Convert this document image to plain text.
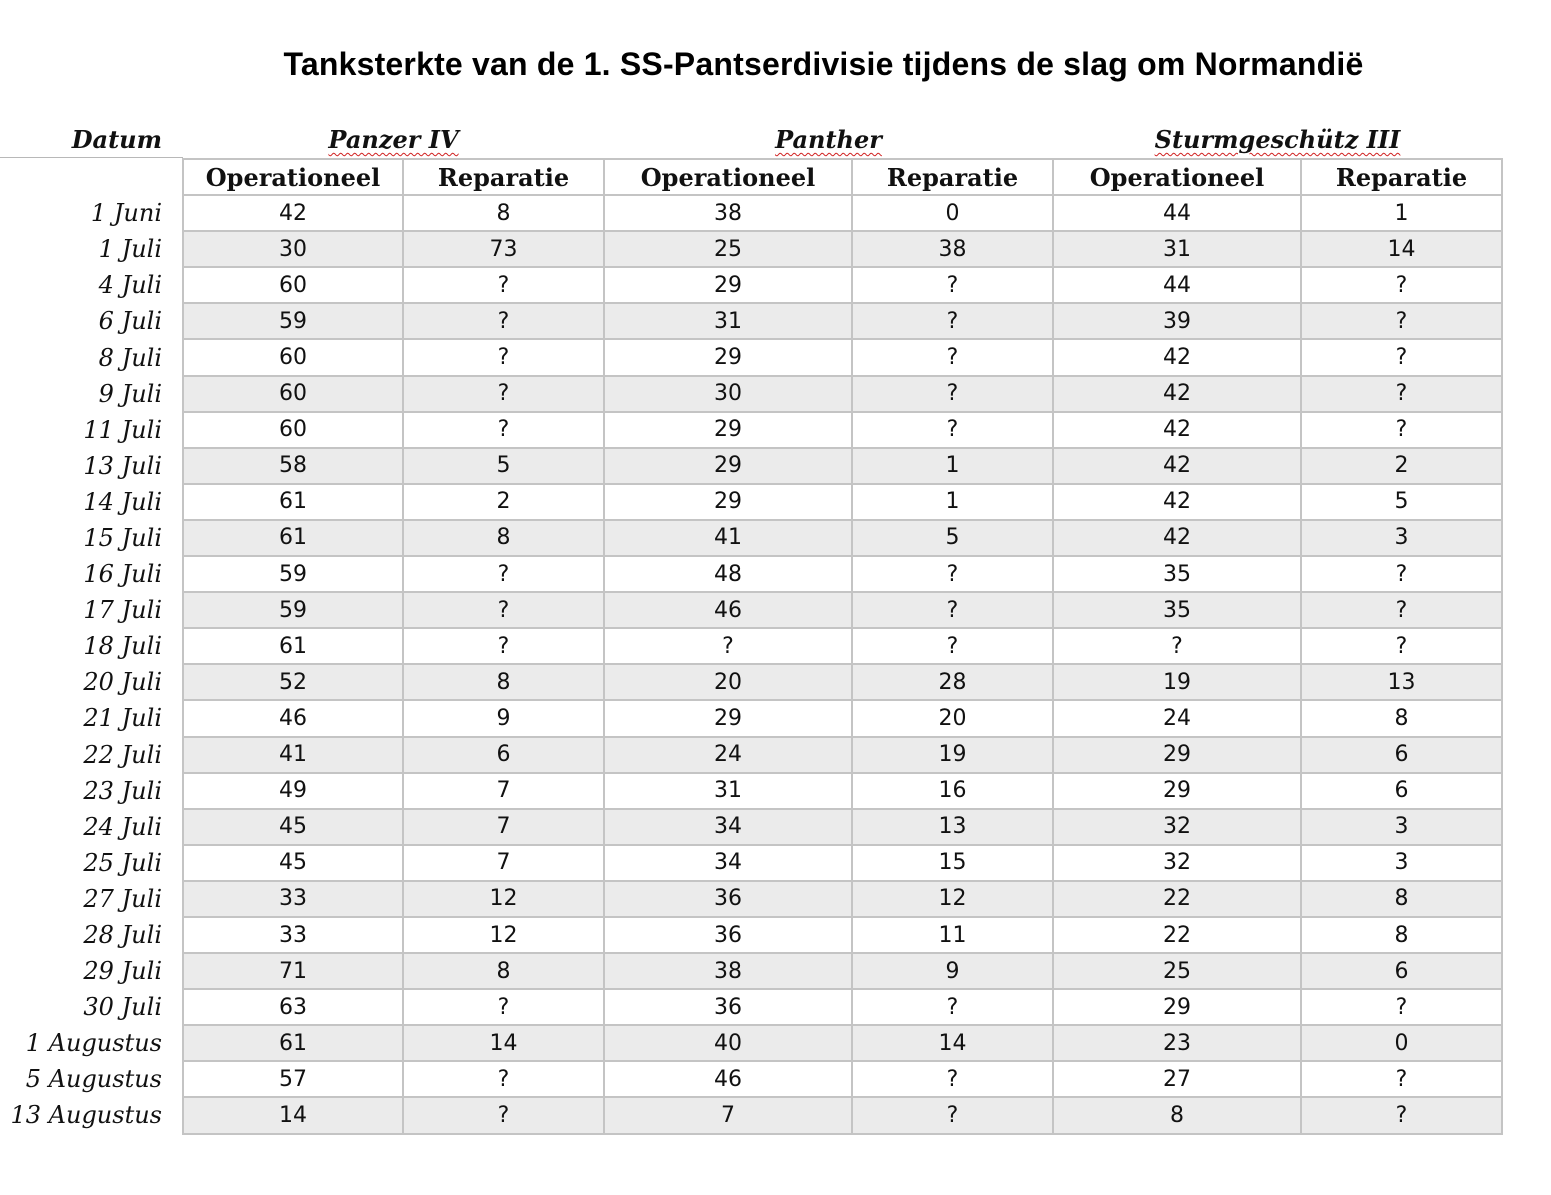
Tanksterkte van de 1. SS-Pantserdivisie tijdens de slag om Normandië
Datum	Panzer IV	Panther	Sturmgeschütz III
	Operationeel	Reparatie	Operationeel	Reparatie	Operationeel	Reparatie
1 Juni	42	8	38	0	44	1
1 Juli	30	73	25	38	31	14
4 Juli	60	?	29	?	44	?
6 Juli	59	?	31	?	39	?
8 Juli	60	?	29	?	42	?
9 Juli	60	?	30	?	42	?
11 Juli	60	?	29	?	42	?
13 Juli	58	5	29	1	42	2
14 Juli	61	2	29	1	42	5
15 Juli	61	8	41	5	42	3
16 Juli	59	?	48	?	35	?
17 Juli	59	?	46	?	35	?
18 Juli	61	?	?	?	?	?
20 Juli	52	8	20	28	19	13
21 Juli	46	9	29	20	24	8
22 Juli	41	6	24	19	29	6
23 Juli	49	7	31	16	29	6
24 Juli	45	7	34	13	32	3
25 Juli	45	7	34	15	32	3
27 Juli	33	12	36	12	22	8
28 Juli	33	12	36	11	22	8
29 Juli	71	8	38	9	25	6
30 Juli	63	?	36	?	29	?
1 Augustus	61	14	40	14	23	0
5 Augustus	57	?	46	?	27	?
13 Augustus	14	?	7	?	8	?
